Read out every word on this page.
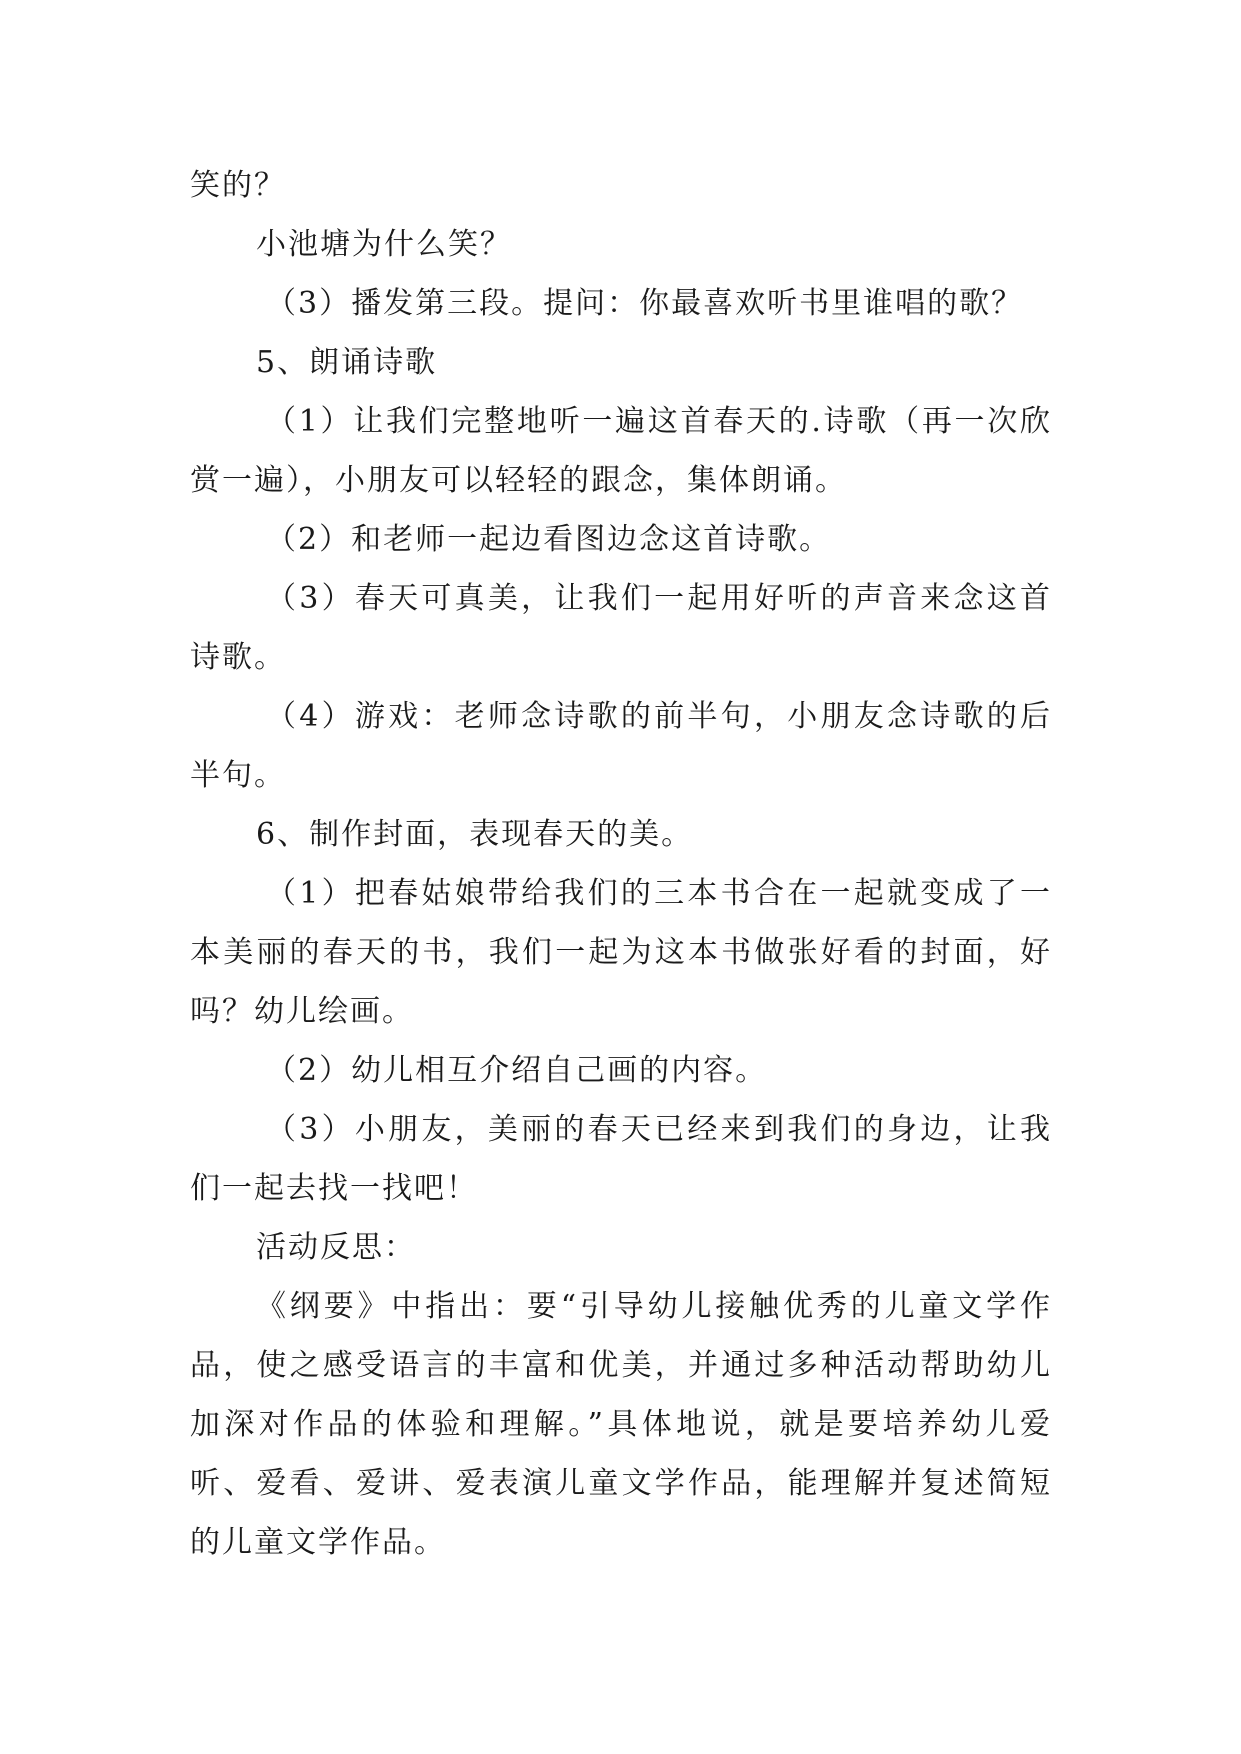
笑的？

小池塘为什么笑？

（3）播发第三段。提问：你最喜欢听书里谁唱的歌？

5、朗诵诗歌

（1）让我们完整地听一遍这首春天的.诗歌（再一次欣赏一遍），小朋友可以轻轻的跟念，集体朗诵。

（2）和老师一起边看图边念这首诗歌。

（3）春天可真美，让我们一起用好听的声音来念这首诗歌。

（4）游戏：老师念诗歌的前半句，小朋友念诗歌的后半句。

6、制作封面，表现春天的美。

（1）把春姑娘带给我们的三本书合在一起就变成了一本美丽的春天的书，我们一起为这本书做张好看的封面，好吗？幼儿绘画。

（2）幼儿相互介绍自己画的内容。

（3）小朋友，美丽的春天已经来到我们的身边，让我们一起去找一找吧！

活动反思：

《纲要》中指出：要“引导幼儿接触优秀的儿童文学作品，使之感受语言的丰富和优美，并通过多种活动帮助幼儿加深对作品的体验和理解。”具体地说，就是要培养幼儿爱听、爱看、爱讲、爱表演儿童文学作品，能理解并复述简短的儿童文学作品。
